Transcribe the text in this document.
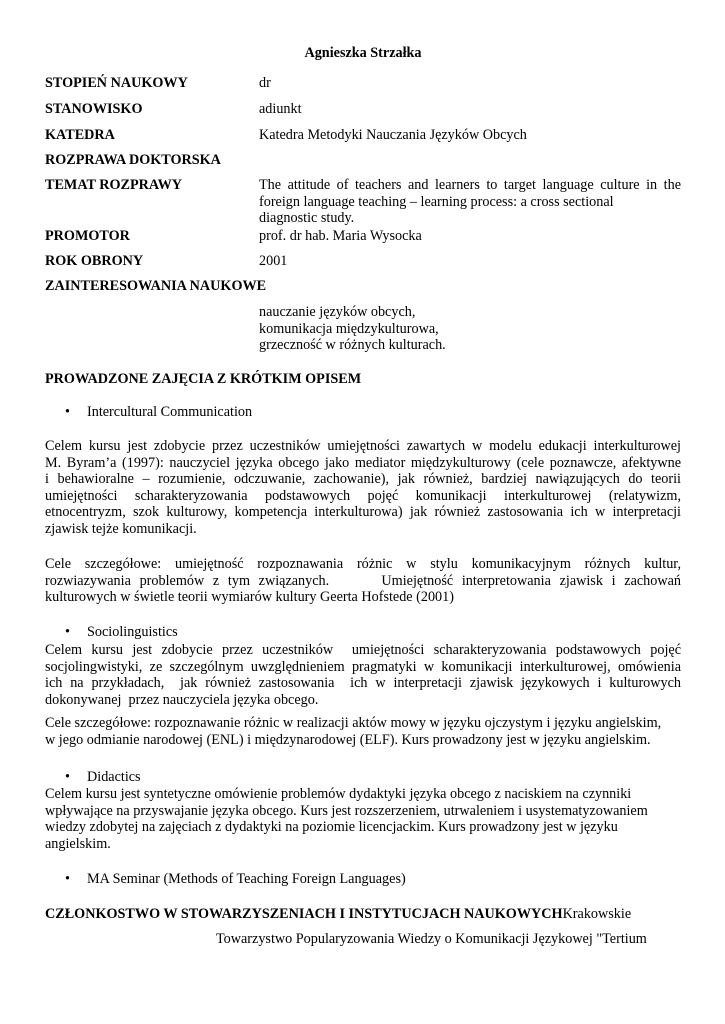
Agnieszka Strzałka
STOPIEŃ NAUKOWY	dr
STANOWISKO	adiunkt
KATEDRA	Katedra Metodyki Nauczania Języków Obcych
ROZPRAWA DOKTORSKA
TEMAT ROZPRAWY	The attitude of teachers and learners to target language culture in the
foreign language teaching – learning process: a cross sectional
diagnostic study.
PROMOTOR	prof. dr hab. Maria Wysocka
ROK OBRONY	2001
ZAINTERESOWANIA NAUKOWE
nauczanie języków obcych,
komunikacja międzykulturowa,
grzeczność w różnych kulturach.
PROWADZONE ZAJĘCIA Z KRÓTKIM OPISEM
• Intercultural Communication
Celem kursu jest zdobycie przez uczestników umiejętności zawartych w modelu edukacji interkulturowej
M. Byram’a (1997): nauczyciel języka obcego jako mediator międzykulturowy (cele poznawcze, afektywne
i behawioralne – rozumienie, odczuwanie, zachowanie), jak również, bardziej nawiązujących do teorii
umiejętności scharakteryzowania podstawowych pojęć komunikacji interkulturowej (relatywizm,
etnocentryzm, szok kulturowy, kompetencja interkulturowa) jak również zastosowania ich w interpretacji
zjawisk tejże komunikacji.
Cele szczegółowe: umiejętność rozpoznawania różnic w stylu komunikacyjnym różnych kultur,
rozwiazywania problemów z tym związanych.      Umiejętność interpretowania zjawisk i zachowań
kulturowych w świetle teorii wymiarów kultury Geerta Hofstede (2001)
• Sociolinguistics
Celem kursu jest zdobycie przez uczestników  umiejętności scharakteryzowania podstawowych pojęć
socjolingwistyki, ze szczególnym uwzględnieniem pragmatyki w komunikacji interkulturowej, omówienia
ich na przykładach,  jak również zastosowania  ich w interpretacji zjawisk językowych i kulturowych
dokonywanej  przez nauczyciela języka obcego.
Cele szczegółowe: rozpoznawanie różnic w realizacji aktów mowy w języku ojczystym i języku angielskim,
w jego odmianie narodowej (ENL) i międzynarodowej (ELF). Kurs prowadzony jest w języku angielskim.
• Didactics
Celem kursu jest syntetyczne omówienie problemów dydaktyki języka obcego z naciskiem na czynniki
wpływające na przyswajanie języka obcego. Kurs jest rozszerzeniem, utrwaleniem i usystematyzowaniem
wiedzy zdobytej na zajęciach z dydaktyki na poziomie licencjackim. Kurs prowadzony jest w języku
angielskim.
• MA Seminar (Methods of Teaching Foreign Languages)
CZŁONKOSTWO W STOWARZYSZENIACH I INSTYTUCJACH NAUKOWYCHKrakowskie
Towarzystwo Popularyzowania Wiedzy o Komunikacji Językowej "Tertium
